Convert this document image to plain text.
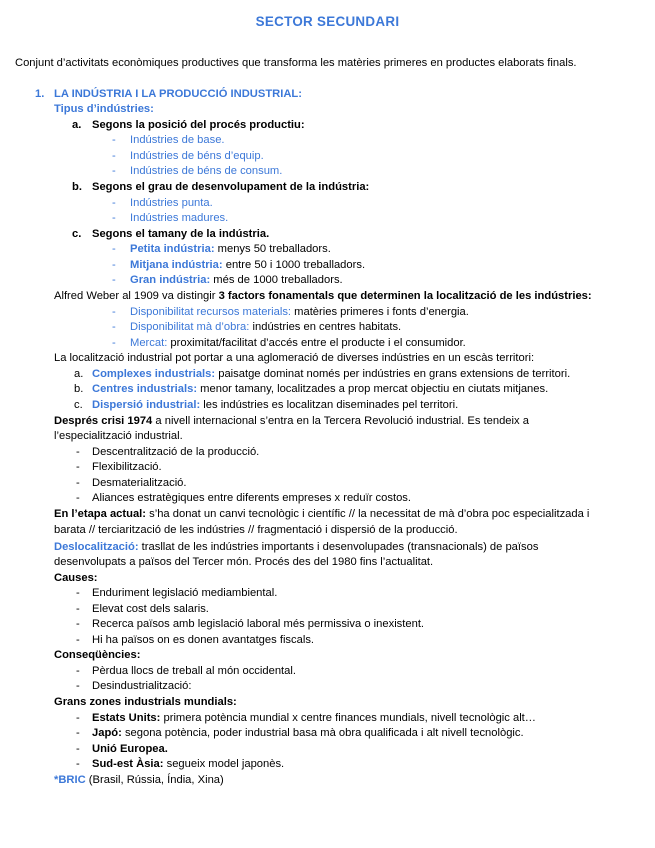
SECTOR SECUNDARI
Conjunt d’activitats econòmiques productives que transforma les matèries primeres en productes elaborats finals.
1. LA INDÚSTRIA I LA PRODUCCIÓ INDUSTRIAL:
Tipus d’indústries:
a. Segons la posició del procés productiu:
- Indústries de base.
- Indústries de béns d’equip.
- Indústries de béns de consum.
b. Segons el grau de desenvolupament de la indústria:
- Indústries punta.
- Indústries madures.
c. Segons el tamany de la indústria.
- Petita indústria: menys 50 treballadors.
- Mitjana indústria: entre 50 i 1000 treballadors.
- Gran indústria: més de 1000 treballadors.
Alfred Weber al 1909 va distingir 3 factors fonamentals que determinen la localització de les indústries:
- Disponibilitat recursos materials: matèries primeres i fonts d’energia.
- Disponibilitat mà d’obra: indústries en centres habitats.
- Mercat: proximitat/facilitat d’accés entre el producte i el consumidor.
La localització industrial pot portar a una aglomeració de diverses indústries en un escàs territori:
a. Complexes industrials: paisatge dominat només per indústries en grans extensions de territori.
b. Centres industrials: menor tamany, localitzades a prop mercat objectiu en ciutats mitjanes.
c. Dispersió industrial: les indústries es localitzan diseminades pel territori.
Després crisi 1974 a nivell internacional s’entra en la Tercera Revolució industrial. Es tendeix a
l’especialització industrial.
- Descentralització de la producció.
- Flexibilització.
- Desmaterialització.
- Aliances estratègiques entre diferents empreses x reduïr costos.
En l’etapa actual: s’ha donat un canvi tecnològic i científic // la necessitat de mà d’obra poc especialitzada i
barata // terciarització de les indústries // fragmentació i dispersió de la producció.
Deslocalització: trasllat de les indústries importants i desenvolupades (transnacionals) de països
desenvolupats a països del Tercer món. Procés des del 1980 fins l’actualitat.
Causes:
- Enduriment legislació mediambiental.
- Elevat cost dels salaris.
- Recerca països amb legislació laboral més permissiva o inexistent.
- Hi ha països on es donen avantatges fiscals.
Conseqüències:
- Pèrdua llocs de treball al món occidental.
- Desindustrialització:
Grans zones industrials mundials:
- Estats Units: primera potència mundial x centre finances mundials, nivell tecnològic alt…
- Japó: segona potència, poder industrial basa mà obra qualificada i alt nivell tecnològic.
- Unió Europea.
- Sud-est Àsia: segueix model japonès.
*BRIC (Brasil, Rússia, Índia, Xina)
